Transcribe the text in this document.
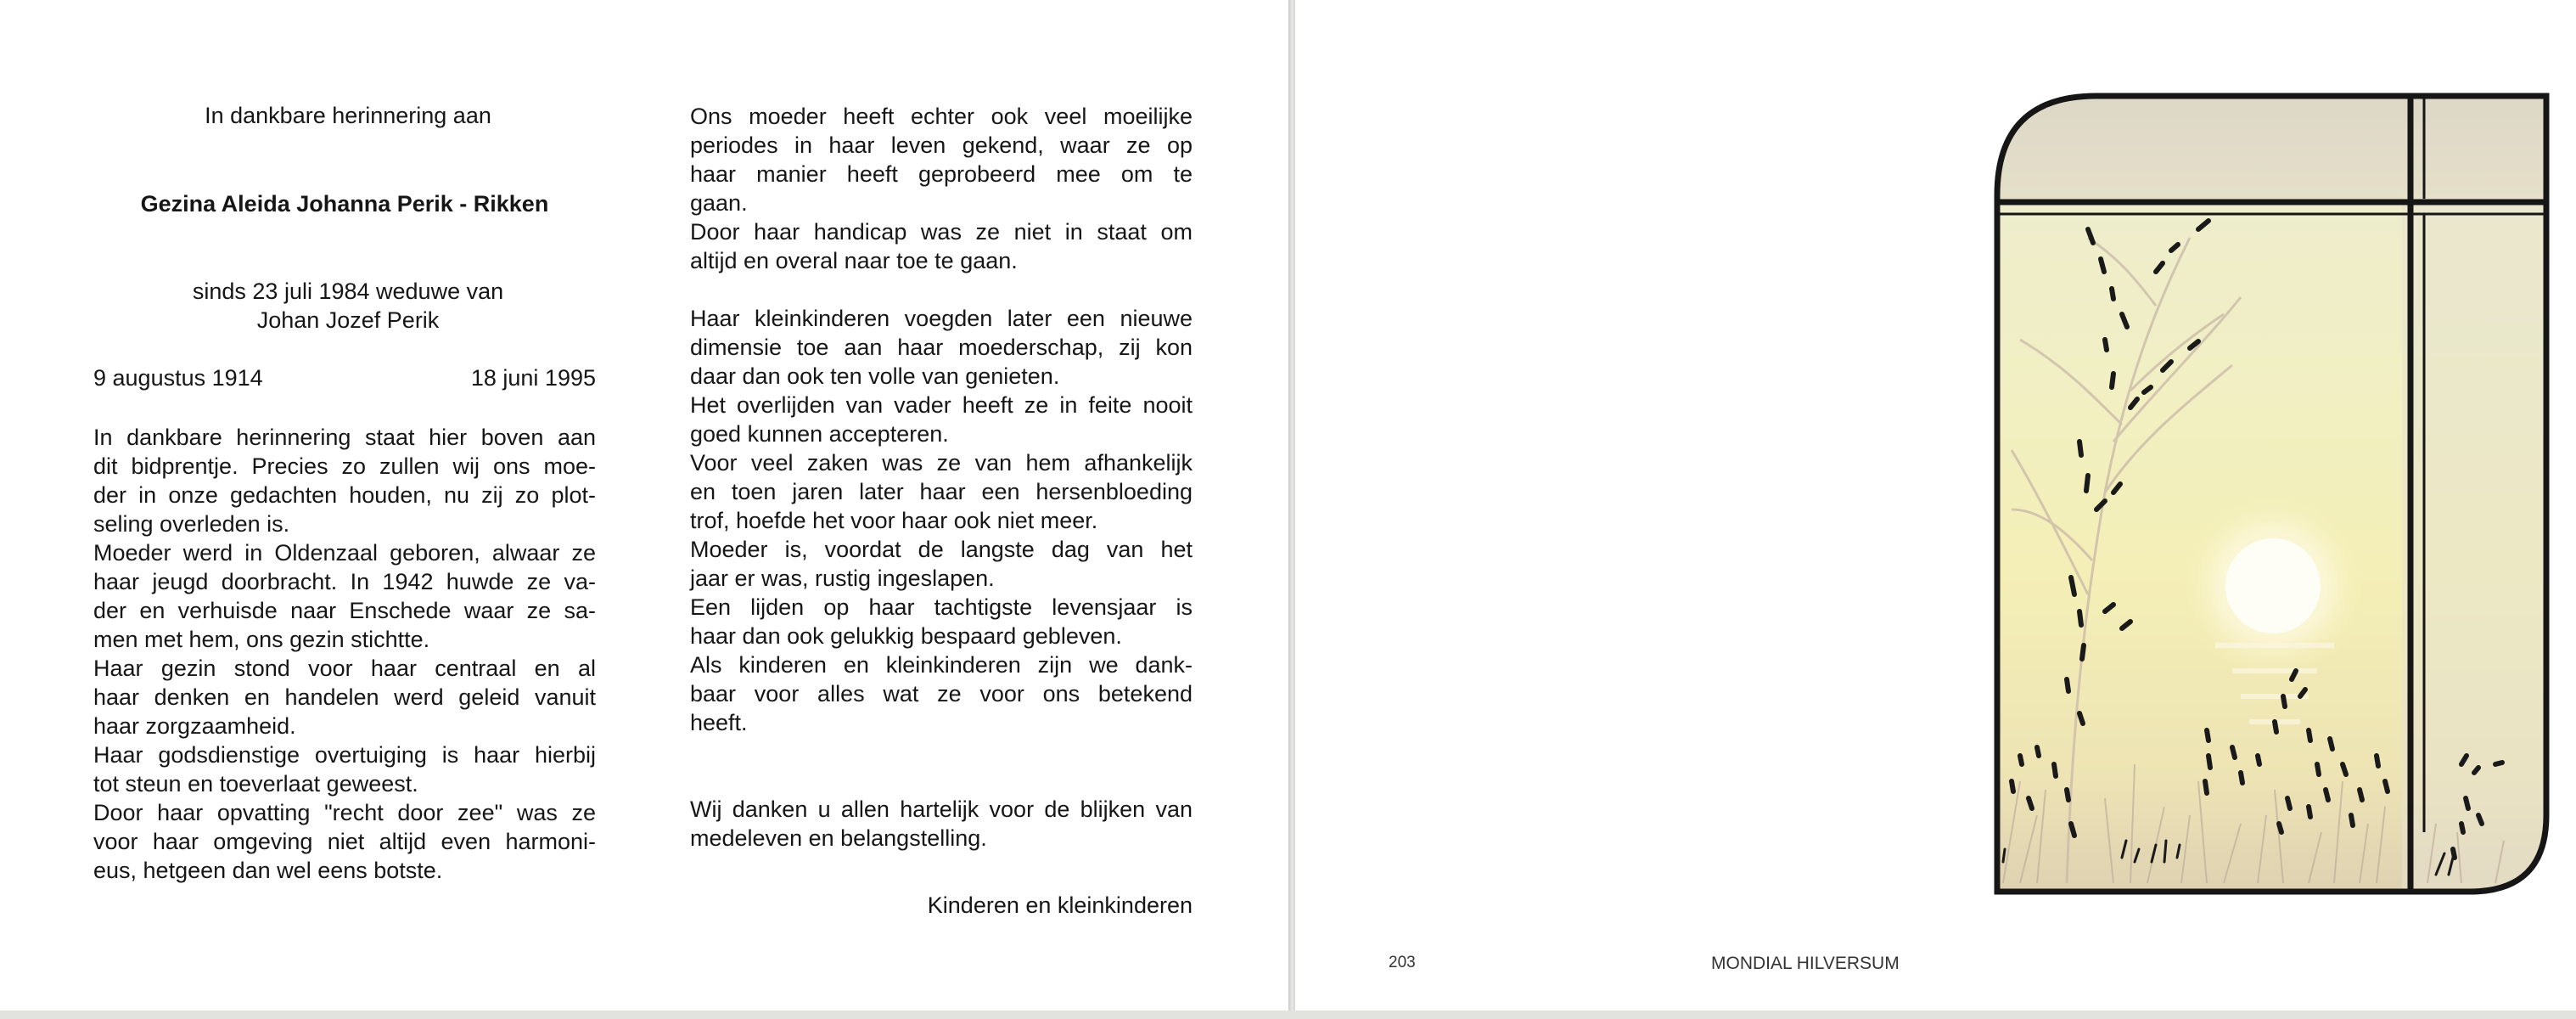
In dankbare herinnering aan
Gezina Aleida Johanna Perik - Rikken
sinds 23 juli 1984 weduwe van
Johan Jozef Perik
9 augustus 1914	18 juni 1995
In dankbare herinnering staat hier boven aan
dit bidprentje. Precies zo zullen wij ons moe-
der in onze gedachten houden, nu zij zo plot-
seling overleden is.
Moeder werd in Oldenzaal geboren, alwaar ze
haar jeugd doorbracht. In 1942 huwde ze va-
der en verhuisde naar Enschede waar ze sa-
men met hem, ons gezin stichtte.
Haar gezin stond voor haar centraal en al
haar denken en handelen werd geleid vanuit
haar zorgzaamheid.
Haar godsdienstige overtuiging is haar hierbij
tot steun en toeverlaat geweest.
Door haar opvatting "recht door zee" was ze
voor haar omgeving niet altijd even harmoni-
eus, hetgeen dan wel eens botste.
Ons moeder heeft echter ook veel moeilijke
periodes in haar leven gekend, waar ze op
haar manier heeft geprobeerd mee om te
gaan.
Door haar handicap was ze niet in staat om
altijd en overal naar toe te gaan.

Haar kleinkinderen voegden later een nieuwe
dimensie toe aan haar moederschap, zij kon
daar dan ook ten volle van genieten.
Het overlijden van vader heeft ze in feite nooit
goed kunnen accepteren.
Voor veel zaken was ze van hem afhankelijk
en toen jaren later haar een hersenbloeding
trof, hoefde het voor haar ook niet meer.
Moeder is, voordat de langste dag van het
jaar er was, rustig ingeslapen.
Een lijden op haar tachtigste levensjaar is
haar dan ook gelukkig bespaard gebleven.
Als kinderen en kleinkinderen zijn we dank-
baar voor alles wat ze voor ons betekend
heeft.

Wij danken u allen hartelijk voor de blijken van
medeleven en belangstelling.
Kinderen en kleinkinderen
203	MONDIAL HILVERSUM
